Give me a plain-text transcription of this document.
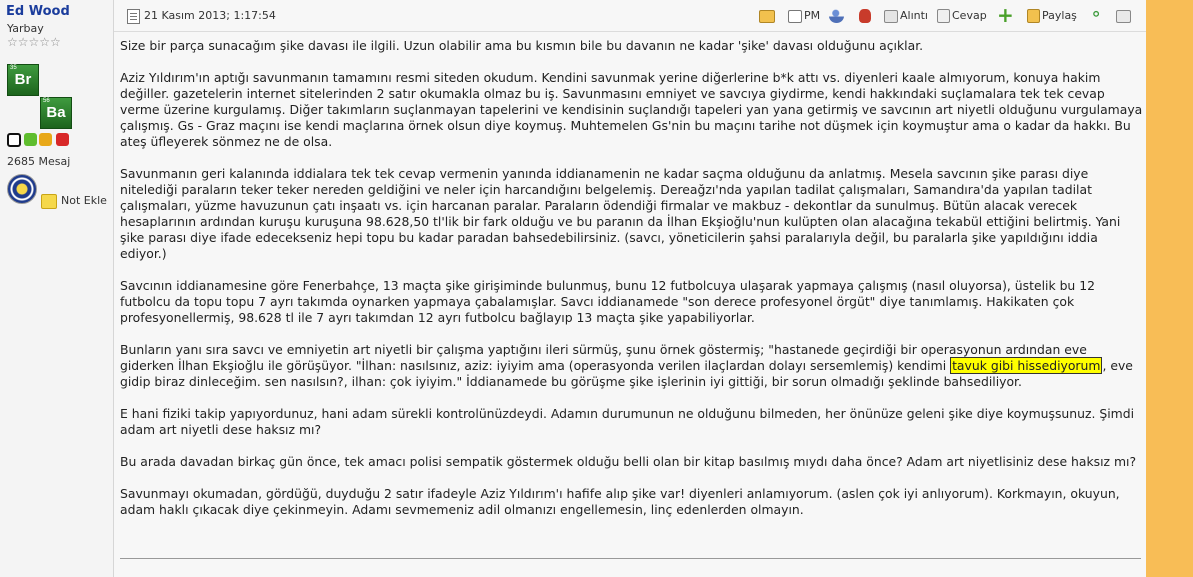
Ed Wood
Yarbay
☆☆☆☆☆
35
Br
56
Ba
2685 Mesaj
Not Ekle
21 Kasım 2013; 1:17:54	PM	Alıntı	Cevap +	Paylaş ⚬

Size bir parça sunacağım şike davası ile ilgili. Uzun olabilir ama bu kısmın bile bu davanın ne kadar 'şike' davası olduğunu açıklar.

Aziz Yıldırım'ın aptığı savunmanın tamamını resmi siteden okudum. Kendini savunmak yerine diğerlerine b*k attı vs. diyenleri kaale almıyorum, konuya hakim değiller. gazetelerin internet sitelerinden 2 satır okumakla olmaz bu iş. Savunmasını emniyet ve savcıya giydirme, kendi hakkındaki suçlamalara tek tek cevap verme üzerine kurgulamış. Diğer takımların suçlanmayan tapelerini ve kendisinin suçlandığı tapeleri yan yana getirmiş ve savcının art niyetli olduğunu vurgulamaya çalışmış. Gs - Graz maçını ise kendi maçlarına örnek olsun diye koymuş. Muhtemelen Gs'nin bu maçını tarihe not düşmek için koymuştur ama o kadar da hakkı. Bu ateş üfleyerek sönmez ne de olsa.

Savunmanın geri kalanında iddialara tek tek cevap vermenin yanında iddianamenin ne kadar saçma olduğunu da anlatmış. Mesela savcının şike parası diye nitelediği paraların teker teker nereden geldiğini ve neler için harcandığını belgelemiş. Dereağzı'nda yapılan tadilat çalışmaları, Samandıra'da yapılan tadilat çalışmaları, yüzme havuzunun çatı inşaatı vs. için harcanan paralar. Paraların ödendiği firmalar ve makbuz - dekontlar da sunulmuş. Bütün alacak verecek hesaplarının ardından kuruşu kuruşuna 98.628,50 tl'lik bir fark olduğu ve bu paranın da İlhan Ekşioğlu'nun kulüpten olan alacağına tekabül ettiğini belirtmiş. Yani şike parası diye ifade edecekseniz hepi topu bu kadar paradan bahsedebilirsiniz. (savcı, yöneticilerin şahsi paralarıyla değil, bu paralarla şike yapıldığını iddia ediyor.)

Savcının iddianamesine göre Fenerbahçe, 13 maçta şike girişiminde bulunmuş, bunu 12 futbolcuya ulaşarak yapmaya çalışmış (nasıl oluyorsa), üstelik bu 12 futbolcu da topu topu 7 ayrı takımda oynarken yapmaya çabalamışlar. Savcı iddianamede "son derece profesyonel örgüt" diye tanımlamış. Hakikaten çok profesyonellermiş, 98.628 tl ile 7 ayrı takımdan 12 ayrı futbolcu bağlayıp 13 maçta şike yapabiliyorlar.

Bunların yanı sıra savcı ve emniyetin art niyetli bir çalışma yaptığını ileri sürmüş, şunu örnek göstermiş; "hastanede geçirdiği bir operasyonun ardından eve giderken İlhan Ekşioğlu ile görüşüyor. "İlhan: nasılsınız, aziz: iyiyim ama (operasyonda verilen ilaçlardan dolayı sersemlemiş) kendimi tavuk gibi hissediyorum , eve gidip biraz dinleceğim. sen nasılsın?, ilhan: çok iyiyim." İddianamede bu görüşme şike işlerinin iyi gittiği, bir sorun olmadığı şeklinde bahsediliyor.

E hani fiziki takip yapıyordunuz, hani adam sürekli kontrolünüzdeydi. Adamın durumunun ne olduğunu bilmeden, her önünüze geleni şike diye koymuşsunuz. Şimdi adam art niyetli dese haksız mı?

Bu arada davadan birkaç gün önce, tek amacı polisi sempatik göstermek olduğu belli olan bir kitap basılmış mıydı daha önce? Adam art niyetlisiniz dese haksız mı?

Savunmayı okumadan, gördüğü, duyduğu 2 satır ifadeyle Aziz Yıldırım'ı hafife alıp şike var! diyenleri anlamıyorum. (aslen çok iyi anlıyorum). Korkmayın, okuyun, adam haklı çıkacak diye çekinmeyin. Adamı sevmemeniz adil olmanızı engellemesin, linç edenlerden olmayın.
